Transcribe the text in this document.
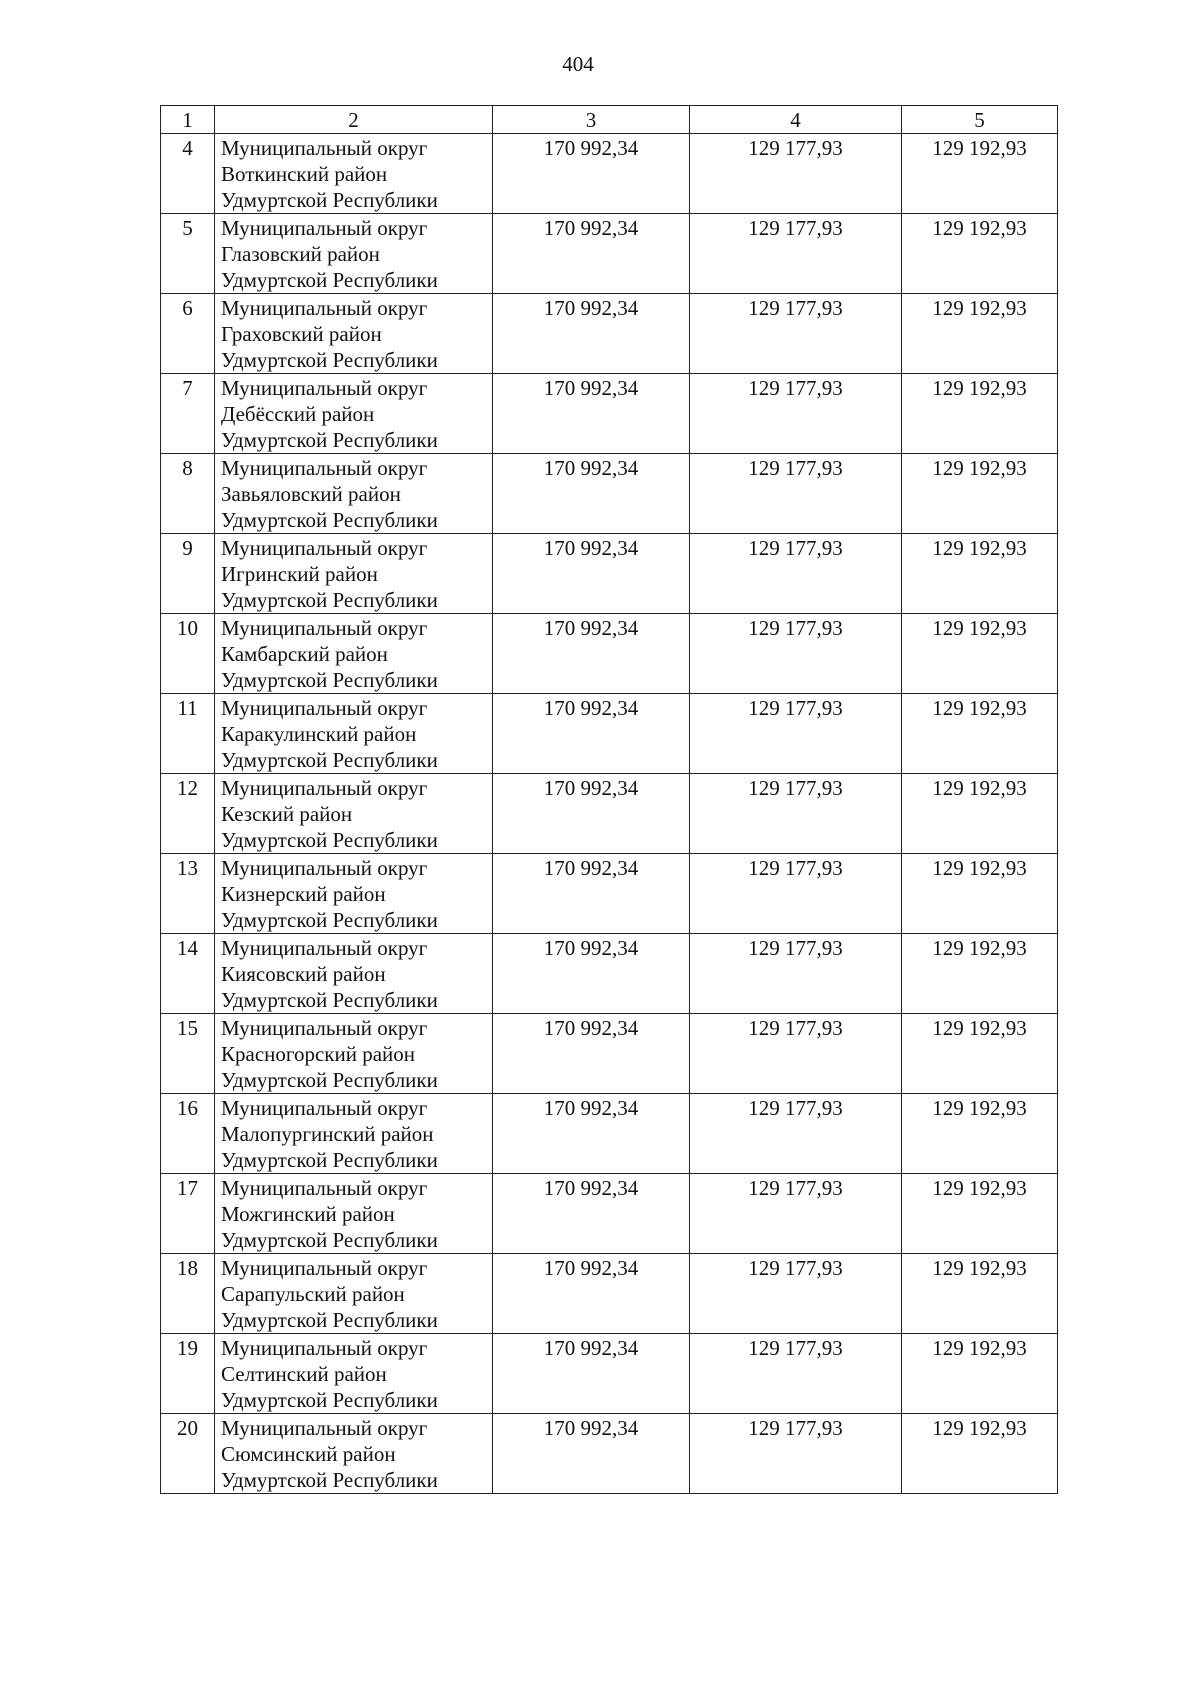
404
1	2	3	4	5
4	Муниципальный округ
Воткинский район
Удмуртской Республики	170 992,34	129 177,93	129 192,93
5	Муниципальный округ
Глазовский район
Удмуртской Республики	170 992,34	129 177,93	129 192,93
6	Муниципальный округ
Граховский район
Удмуртской Республики	170 992,34	129 177,93	129 192,93
7	Муниципальный округ
Дебёсский район
Удмуртской Республики	170 992,34	129 177,93	129 192,93
8	Муниципальный округ
Завьяловский район
Удмуртской Республики	170 992,34	129 177,93	129 192,93
9	Муниципальный округ
Игринский район
Удмуртской Республики	170 992,34	129 177,93	129 192,93
10	Муниципальный округ
Камбарский район
Удмуртской Республики	170 992,34	129 177,93	129 192,93
11	Муниципальный округ
Каракулинский район
Удмуртской Республики	170 992,34	129 177,93	129 192,93
12	Муниципальный округ
Кезский район
Удмуртской Республики	170 992,34	129 177,93	129 192,93
13	Муниципальный округ
Кизнерский район
Удмуртской Республики	170 992,34	129 177,93	129 192,93
14	Муниципальный округ
Киясовский район
Удмуртской Республики	170 992,34	129 177,93	129 192,93
15	Муниципальный округ
Красногорский район
Удмуртской Республики	170 992,34	129 177,93	129 192,93
16	Муниципальный округ
Малопургинский район
Удмуртской Республики	170 992,34	129 177,93	129 192,93
17	Муниципальный округ
Можгинский район
Удмуртской Республики	170 992,34	129 177,93	129 192,93
18	Муниципальный округ
Сарапульский район
Удмуртской Республики	170 992,34	129 177,93	129 192,93
19	Муниципальный округ
Селтинский район
Удмуртской Республики	170 992,34	129 177,93	129 192,93
20	Муниципальный округ
Сюмсинский район
Удмуртской Республики	170 992,34	129 177,93	129 192,93
